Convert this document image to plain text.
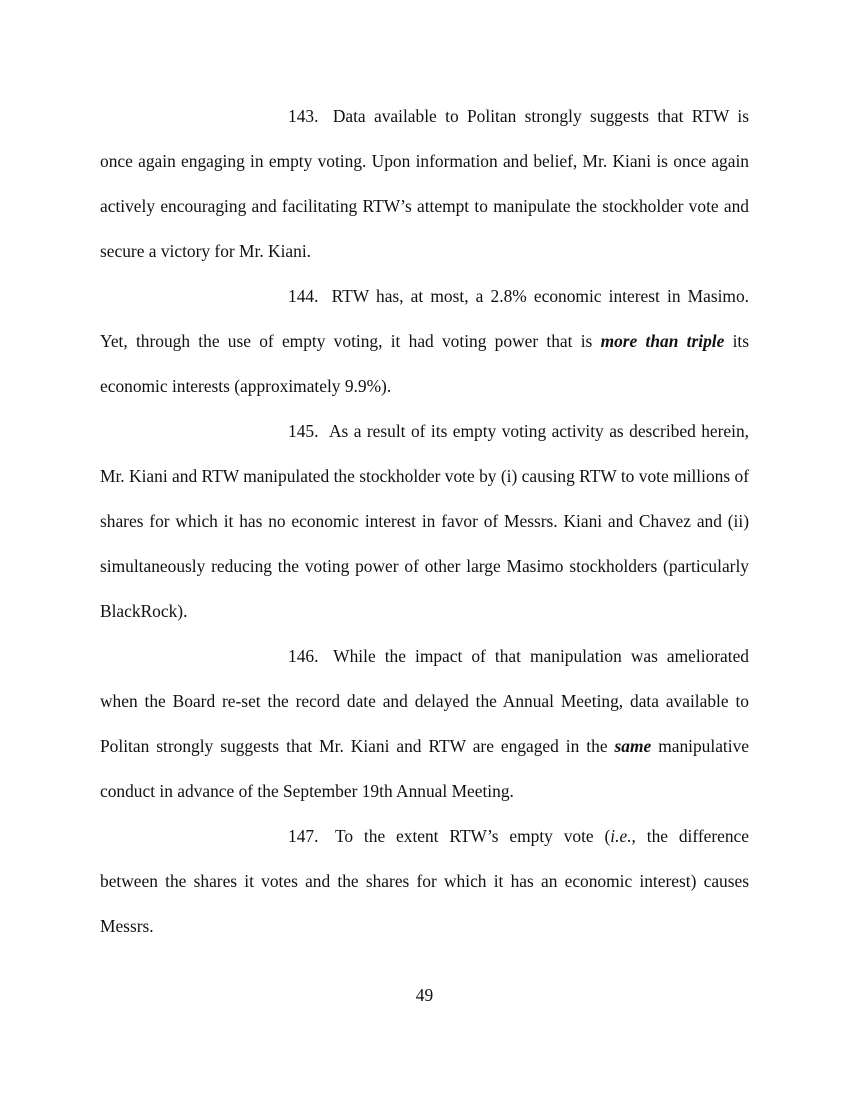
143. Data available to Politan strongly suggests that RTW is once again engaging in empty voting. Upon information and belief, Mr. Kiani is once again actively encouraging and facilitating RTW’s attempt to manipulate the stockholder vote and secure a victory for Mr. Kiani.

144. RTW has, at most, a 2.8% economic interest in Masimo. Yet, through the use of empty voting, it had voting power that is more than triple its economic interests (approximately 9.9%).

145. As a result of its empty voting activity as described herein, Mr. Kiani and RTW manipulated the stockholder vote by (i) causing RTW to vote millions of shares for which it has no economic interest in favor of Messrs. Kiani and Chavez and (ii) simultaneously reducing the voting power of other large Masimo stockholders (particularly BlackRock).

146. While the impact of that manipulation was ameliorated when the Board re-set the record date and delayed the Annual Meeting, data available to Politan strongly suggests that Mr. Kiani and RTW are engaged in the same manipulative conduct in advance of the September 19th Annual Meeting.

147. To the extent RTW’s empty vote (i.e., the difference between the shares it votes and the shares for which it has an economic interest) causes Messrs.

49
